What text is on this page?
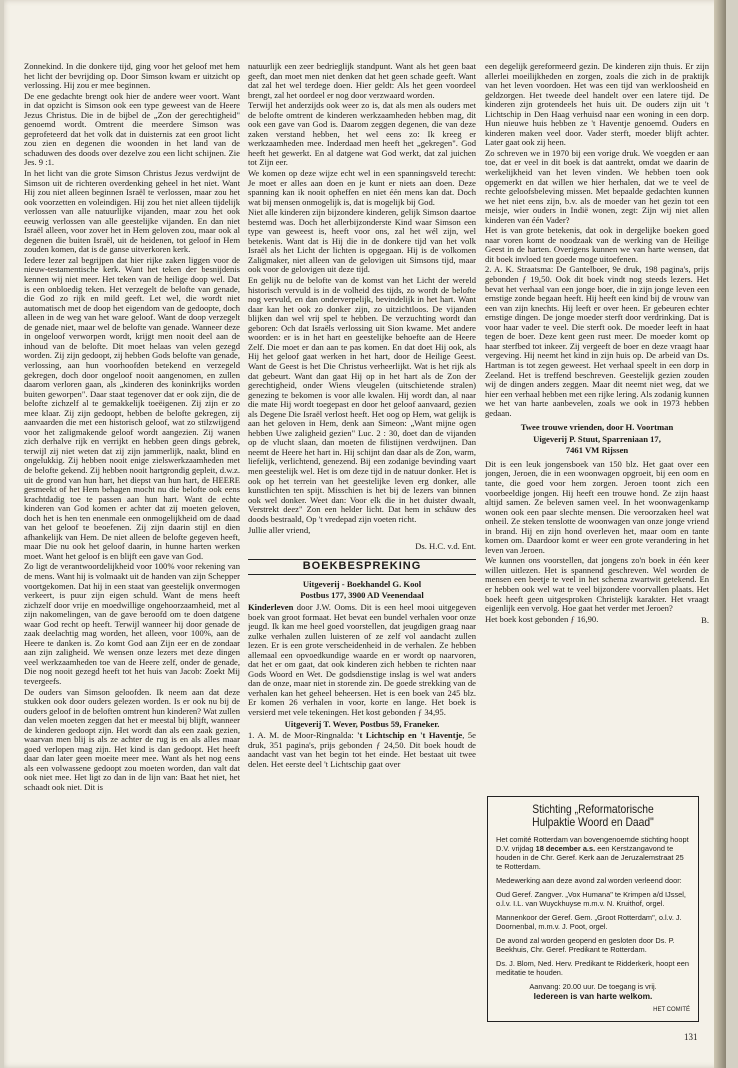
Zonnekind. In die donkere tijd, ging voor het geloof met hem het licht der bevrijding op. Door Simson kwam er uitzicht op verlossing. Hij zou er mee beginnen.

De ene gedachte brengt ook hier de andere weer voort. Want in dat opzicht is Simson ook een type geweest van de Heere Jezus Christus. Die in de bijbel de „Zon der gerechtigheid" genoemd wordt. Omtrent die meerdere Simson was geprofeteerd dat het volk dat in duisternis zat een groot licht zou zien en degenen die woonden in het land van de schaduwen des doods over dezelve zou een licht schijnen. Zie Jes. 9 :1.

In het licht van die grote Simson Christus Jezus verdwijnt de Simson uit de richteren overdenking geheel in het niet. Want Hij zou niet alleen beginnen Israël te verlossen, maar zou het ook voorzetten en voleindigen. Hij zou het niet alleen tijdelijk verlossen van alle natuurlijke vijanden, maar zou het ook eeuwig verlossen van alle geestelijke vijanden. En dan niet Israël alleen, voor zover het in Hem geloven zou, maar ook al degenen die buiten Israël, uit de heidenen, tot geloof in Hem zouden komen, dat is de ganse uitverkoren kerk.

Iedere lezer zal begrijpen dat hier rijke zaken liggen voor de nieuw-testamentische kerk. Want het teken der besnijdenis kennen wij niet meer. Het teken van de heilige doop wel. Dat is een onbloedig teken. Het verzegelt de belofte van genade, die God zo rijk en mild geeft. Let wel, die wordt niet automatisch met de doop het eigendom van de gedoopte, doch alleen in de weg van het ware geloof. Want de doop verzegelt de genade niet, maar wel de belofte van genade. Wanneer deze in ongeloof verworpen wordt, krijgt men nooit deel aan de inhoud van de belofte. Dit moet helaas van velen gezegd worden. Zij zijn gedoopt, zij hebben Gods belofte van genade, verlossing, aan hun voorhoofden betekend en verzegeld gekregen, doch door ongeloof nooit aangenomen, en zullen daarom verloren gaan, als „kinderen des koninkrijks worden buiten geworpen". Daar staat tegenover dat er ook zijn, die de belofte zichzelf al te gemakkelijk toeëigenen. Zij zijn er zo mee klaar. Zij zijn gedoopt, hebben de belofte gekregen, zij aanvaarden die met een historisch geloof, wat zo stilzwijgend voor het zaligmakende geloof wordt aangezien. Zij wanen zich derhalve rijk en verrijkt en hebben geen dings gebrek, terwijl zij niet weten dat zij zijn jammerlijk, naakt, blind en ongelukkig. Zij hebben nooit enige zielswerkzaamheden met de belofte gekend. Zij hebben nooit hartgrondig gepleit, d.w.z. uit de grond van hun hart, het diepst van hun hart, de HEERE gesmeekt of het Hem behagen mocht nu die belofte ook eens krachtdadig toe te passen aan hun hart. Want de echte kinderen van God komen er achter dat zij moeten geloven, doch het is hen ten enenmale een onmogelijkheid om de daad van het geloof te beoefenen. Zij zijn daarin stijl en dien afhankelijk van Hem. De niet alleen de belofte gegeven heeft, maar Die nu ook het geloof daarin, in hunne harten werken moet. Want het geloof is en blijft een gave van God.

Zo ligt de verantwoordelijkheid voor 100% voor rekening van de mens. Want hij is volmaakt uit de handen van zijn Schepper voortgekomen. Dat hij in een staat van geestelijk onvermogen verkeert, is puur zijn eigen schuld. Want de mens heeft zichzelf door vrije en moedwillige ongehoorzaamheid, met al zijn nakomelingen, van de gave beroofd om te doen datgene waar God recht op heeft. Terwijl wanneer hij door genade de zaak deelachtig mag worden, het alleen, voor 100%, aan de Heere te danken is. Zo komt God aan Zijn eer en de zondaar aan zijn zaligheid. We wensen onze lezers met deze dingen veel werkzaamheden toe van de Heere zelf, onder de genade, Die nog nooit gezegd heeft tot het huis van Jacob: Zoekt Mij tevergeefs.

De ouders van Simson geloofden. Ik neem aan dat deze stukken ook door ouders gelezen worden. Is er ook nu bij de ouders geloof in de beloften omtrent hun kinderen? Wat zullen dan velen moeten zeggen dat het er meestal bij blijft, wanneer de kinderen gedoopt zijn. Het wordt dan als een zaak gezien, waarvan men blij is als ze achter de rug is en als alles maar goed verlopen mag zijn. Het kind is dan gedoopt. Het heeft daar dan later geen moeite meer mee. Want als het nog eens als een volwassene gedoopt zou moeten worden, dan valt dat ook niet mee. Het ligt zo dan in de lijn van: Baat het niet, het schaadt ook niet. Dit is

natuurlijk een zeer bedrieglijk standpunt. Want als het geen baat geeft, dan moet men niet denken dat het geen schade geeft. Want dat zal het wel terdege doen. Hier geldt: Als het geen voordeel brengt, zal het oordeel er nog door verzwaard worden.

Terwijl het anderzijds ook weer zo is, dat als men als ouders met de belofte omtrent de kinderen werkzaamheden hebben mag, dit ook een gave van God is. Daarom zeggen degenen, die van deze zaken verstand hebben, het wel eens zo: Ik kreeg er werkzaamheden mee. Inderdaad men heeft het „gekregen". God heeft het gewerkt. En al datgene wat God werkt, dat zal juichen tot Zijn eer.

We komen op deze wijze echt wel in een spanningsveld terecht: Je moet er alles aan doen en je kunt er niets aan doen. Deze spanning kan ik nooit opheffen en niet één mens kan dat. Doch wat bij mensen onmogelijk is, dat is mogelijk bij God.

Niet alle kinderen zijn bijzondere kinderen, gelijk Simson daartoe bestemd was. Doch het allerbijzonderste Kind waar Simson een type van geweest is, heeft voor ons, zal het wél zijn, wel betekenis. Want dat is Hij die in de donkere tijd van het volk Israël als het Licht der lichten is opgegaan. Hij is de volkomen Zaligmaker, niet alleen van de gelovigen uit Simsons tijd, maar ook voor de gelovigen uit deze tijd.

En gelijk nu de belofte van de komst van het Licht der wereld historisch vervuld is in de volheid des tijds, zo wordt de belofte nog vervuld, en dan onderverpelijk, bevindelijk in het hart. Want daar kan het ook zo donker zijn, zo uitzichtloos. De vijanden blijken dan wel vrij spel te hebben. De verzuchting wordt dan geboren: Och dat Israëls verlossing uit Sion kwame. Met andere woorden: er is in het hart en geestelijke behoefte aan de Heere Zelf. Die moet er dan aan te pas komen. En dat doet Hij ook, als Hij het geloof gaat werken in het hart, door de Heilige Geest. Want de Geest is het Die Christus verheerlijkt. Wat is het rijk als dat gebeurt. Want dan gaat Hij op in het hart als de Zon der gerechtigheid, onder Wiens vleugelen (uitschietende stralen) genezing te bekomen is voor alle kwalen. Hij wordt dan, al naar die mate Hij wordt toegepast en door het geloof aanvaard, gezien als Degene Die Israël verlost heeft. Het oog op Hem, wat gelijk is aan het geloven in Hem, denk aan Simeon: „Want mijne ogen hebben Uwe zaligheid gezien" Luc. 2 : 30, doet dan de vijanden op de vlucht slaan, dan moeten de filistijnen verdwijnen. Dan neemt de Heere het hart in. Hij schijnt dan daar als de Zon, warm, liefelijk, verlichtend, genezend. Bij een zodanige bevinding vaart men geestelijk wel. Het is om deze tijd in de natuur donker. Het is ook op het terrein van het geestelijke leven erg donker, alle kunstlichten ten spijt. Misschien is het bij de lezers van binnen ook wel donker. Weet dan: Voor elk die in het duister dwaalt, Verstrekt deez" Zon een helder licht. Dat hem in schâuw des doods bestraald, Op 't vredepad zijn voeten richt.

Jullie aller vriend,

Ds. H.C. v.d. Ent.

BOEKBESPREKING

Uitgeverij - Boekhandel G. Kool

Postbus 177, 3900 AD Veenendaal

Kinderleven door J.W. Ooms. Dit is een heel mooi uitgegeven boek van groot formaat. Het bevat een bundel verhalen voor onze jeugd. Ik kan me heel goed voorstellen, dat jeugdigen graag naar zulke verhalen zullen luisteren of ze zelf vol aandacht zullen lezen. Er is een grote verscheidenheid in de verhalen. Ze hebben allemaal een opvoedkundige waarde en er wordt op naarvoren, dat het er om gaat, dat ook kinderen zich hebben te richten naar Gods Woord en Wet. De godsdienstige inslag is wel wat anders dan de onze, maar niet in storende zin. De goede strekking van de verhalen kan het geheel beheersen. Het is een boek van 245 blz. Er komen 26 verhalen in voor, korte en lange. Het boek is versierd met vele tekeningen. Het kost gebonden ƒ 34,95.

Uitgeverij T. Wever, Postbus 59, Franeker.

1. A. M. de Moor-Ringnalda: 't Lichtschip en 't Haventje, 5e druk, 351 pagina's, prijs gebonden ƒ 24,50. Dit boek houdt de aandacht vast van het begin tot het einde. Het bestaat uit twee delen. Het eerste deel 't Lichtschip gaat over

een degelijk gereformeerd gezin. De kinderen zijn thuis. Er zijn allerlei moeilijkheden en zorgen, zoals die zich in de praktijk van het leven voordoen. Het was een tijd van werkloosheid en geldzorgen. Het tweede deel handelt over een latere tijd. De kinderen zijn grotendeels het huis uit. De ouders zijn uit 't Lichtschip in Den Haag verhuisd naar een woning in een dorp. Hun nieuwe huis hebben ze 't Haventje genoemd. Ouders en kinderen maken veel door. Vader sterft, moeder blijft achter. Later gaat ook zij heen.

Zo schreven we in 1970 bij een vorige druk. We voegden er aan toe, dat er veel in dit boek is dat aantrekt, omdat we daarin de werkelijkheid van het leven vinden. We hebben toen ook opgemerkt en dat willen we hier herhalen, dat we te veel de rechte geloofsbeleving missen. Met bepaalde gedachten kunnen we het niet eens zijn, b.v. als de moeder van het gezin tot een meisje, wier ouders in Indië wonen, zegt: Zijn wij niet allen kinderen van één Vader?

Het is van grote betekenis, dat ook in dergelijke boeken goed naar voren komt de noodzaak van de werking van de Heilige Geest in de harten. Overigens kunnen we van harte wensen, dat dit boek invloed ten goede moge uitoefenen.

2. A. K. Straatsma: De Gantelboer, 9e druk, 198 pagina's, prijs gebonden ƒ 19,50. Ook dit boek vindt nog steeds lezers. Het bevat het verhaal van een jonge boer, die in zijn jonge leven een ernstige zonde begaan heeft. Hij heeft een kind bij de vrouw van een van zijn knechts. Hij leeft er over heen. Er gebeuren echter ernstige dingen. De jonge moeder sterft door verdrinking. Dat is voor haar vader te veel. Die sterft ook. De moeder leeft in haat tegen de boer. Deze kent geen rust meer. De moeder komt op haar sterfbed tot inkeer. Zij vergeeft de boer en deze vraagt haar vergeving. Hij neemt het kind in zijn huis op. De arbeid van Ds. Hartman is tot zegen geweest. Het verhaal speelt in een dorp in Zeeland. Het is treffend beschreven. Geestelijk gezien zouden wij de dingen anders zeggen. Maar dit neemt niet weg, dat we hier een verhaal hebben met een rijke lering. Als zodanig kunnen we het van harte aanbevelen, zoals we ook in 1973 hebben gedaan.

Twee trouwe vrienden, door H. Voortman

Uigeverij P. Stuut, Sparreniaan 17,

7461 VM Rijssen

Dit is een leuk jongensboek van 150 blz. Het gaat over een jongen, Jeroen, die in een woonwagen opgroeit, bij een oom en tante, die goed voor hem zorgen. Jeroen toont zich een voorbeeldige jongen. Hij heeft een trouwe hond. Ze zijn haast altijd samen. Ze beleven samen veel. In het woonwagenkamp wonen ook een paar slechte mensen. Die veroorzaken heel wat onheil. Ze steken tenslotte de woonwagen van onze jonge vriend in brand. Hij en zijn hond overleven het, maar oom en tante komen om. Daardoor komt er weer een grote verandering in het leven van Jeroen.

We kunnen ons voorstellen, dat jongens zo'n boek in één keer willen uitlezen. Het is spannend geschreven. Wel worden de mensen een beetje te veel in het schema zwartwit getekend. En er hebben ook wel wat te veel bijzondere voorvallen plaats. Het boek heeft geen uitgesproken Christelijk karakter. Het vraagt eigenlijk een vervolg. Hoe gaat het verder met Jeroen?

Het boek kost gebonden ƒ 16,90.	B.

Stichting „Reformatorische
Hulpaktie Woord en Daad"

Het comité Rotterdam van bovengenoemde stichting hoopt D.V. vrijdag 18 december a.s. een Kerstzangavond te houden in de Chr. Geref. Kerk aan de Jeruzalemstraat 25 te Rotterdam.

Medewerking aan deze avond zal worden verleend door:

Oud Geref. Zangver. „Vox Humana" te Krimpen a/d IJssel, o.l.v. I.L. van Wuyckhuyse m.m.v. N. Kruithof, orgel.

Mannenkoor der Geref. Gem. „Groot Rotterdam", o.l.v. J. Doornenbal, m.m.v. J. Poot, orgel.

De avond zal worden geopend en gesloten door Ds. P. Beekhuis, Chr. Geref. Predikant te Rotterdam.

Ds. J. Blom, Ned. Herv. Predikant te Ridderkerk, hoopt een meditatie te houden.

Aanvang: 20.00 uur. De toegang is vrij.

Iedereen is van harte welkom.

HET COMITÉ

131
